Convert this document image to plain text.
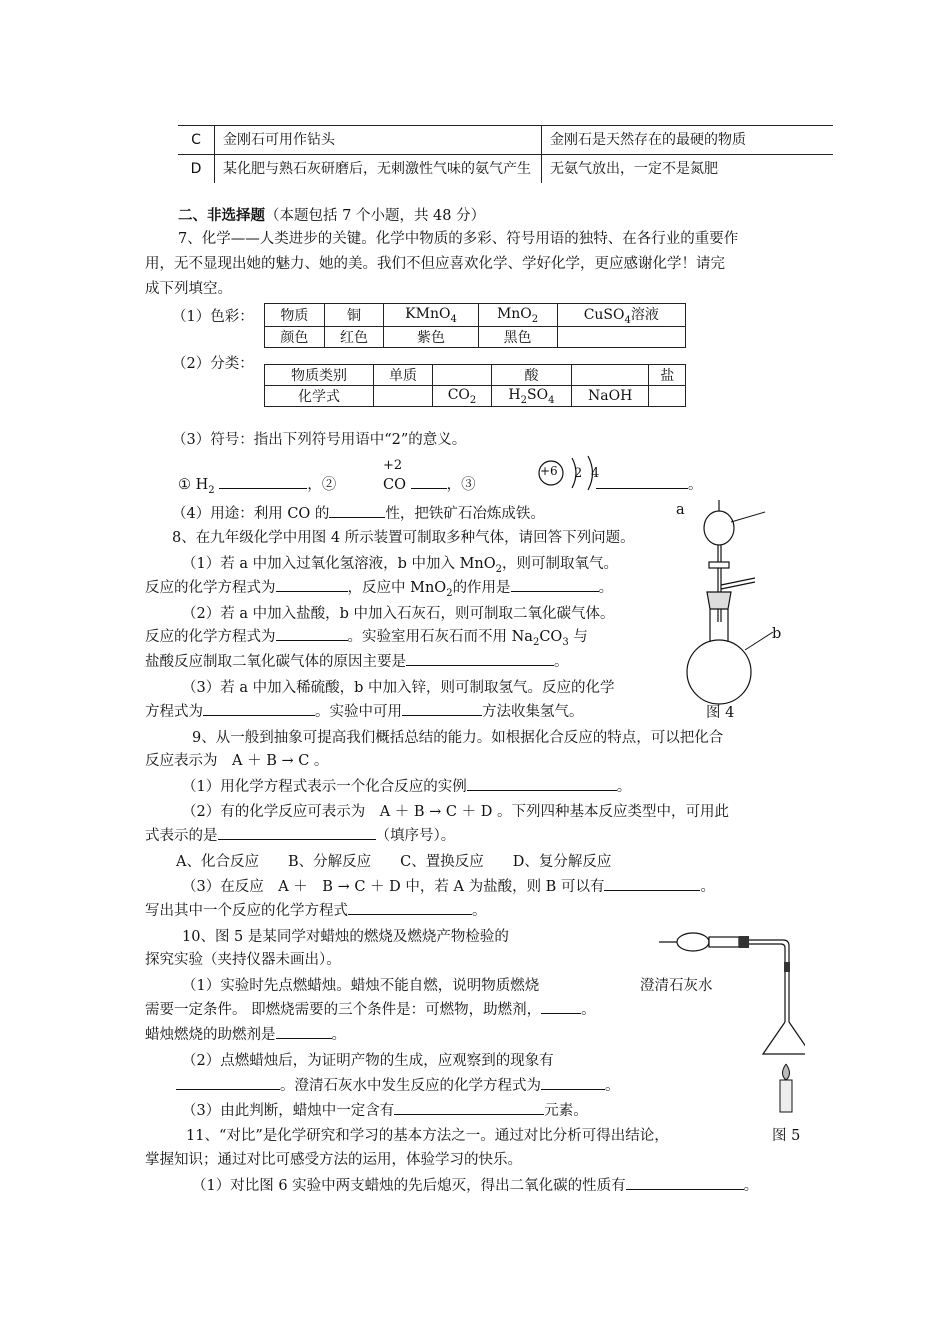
C	金刚石可用作钻头	金刚石是天然存在的最硬的物质
D	某化肥与熟石灰研磨后，无刺激性气味的氨气产生	无氨气放出，一定不是氮肥
二、非选择题（本题包括 7 个小题，共 48 分）
7、化学——人类进步的关键。化学中物质的多彩、符号用语的独特、在各行业的重要作
用，无不显现出她的魅力、她的美。我们不但应喜欢化学、学好化学，更应感谢化学！请完
成下列填空。
（1）色彩： 物质	铜	KMnO$_4$	MnO$_2$	CuSO$_4$溶液
颜色	红色	紫色	黑色	
（2）分类：
物质类别	单质		酸		盐
化学式		$CO_2$	$H_2SO_4$	NaOH	
（3）符号：指出下列符号用语中“2”的意义。
① $H_2$	，②
+2
CO	，③
+6 2 4
。
（4）用途：利用 CO 的	性，把铁矿石冶炼成铁。
8、在九年级化学中用图 4 所示装置可制取多种气体，请回答下列问题。
（1）若 a 中加入过氧化氢溶液，b 中加入 MnO$_2$，则可制取氧气。
反应的化学方程式为	，反应中 MnO$_2$的作用是	。
（2）若 a 中加入盐酸，b 中加入石灰石，则可制取二氧化碳气体。
反应的化学方程式为	。实验室用石灰石而不用 $Na_2CO_3$ 与
盐酸反应制取二氧化碳气体的原因主要是	。
（3）若 a 中加入稀硫酸，b 中加入锌，则可制取氢气。反应的化学
方程式为	。实验中可用	方法收集氢气。
a
b
图 4
9、从一般到抽象可提高我们概括总结的能力。如根据化合反应的特点，可以把化合
反应表示为　A ＋ B → C 。
（1）用化学方程式表示一个化合反应的实例	。
（2）有的化学反应可表示为　A ＋ B → C ＋ D 。下列四种基本反应类型中，可用此
式表示的是	（填序号）。
A、化合反应　　B、分解反应　　C、置换反应　　D、复分解反应
（3）在反应　A ＋　B → C ＋ D 中，若 A 为盐酸，则 B 可以有	。
写出其中一个反应的化学方程式	。
10、图 5 是某同学对蜡烛的燃烧及燃烧产物检验的
探究实验（夹持仪器未画出）。
（1）实验时先点燃蜡烛。蜡烛不能自燃，说明物质燃烧	澄清石灰水
需要一定条件。 即燃烧需要的三个条件是：可燃物，助燃剂，	。
蜡烛燃烧的助燃剂是	。
（2）点燃蜡烛后，为证明产物的生成，应观察到的现象有
。澄清石灰水中发生反应的化学方程式为	。
（3）由此判断，蜡烛中一定含有	元素。
图 5
11、“对比”是化学研究和学习的基本方法之一。通过对比分析可得出结论，
掌握知识；通过对比可感受方法的运用，体验学习的快乐。
（1）对比图 6 实验中两支蜡烛的先后熄灭，得出二氧化碳的性质有	。
